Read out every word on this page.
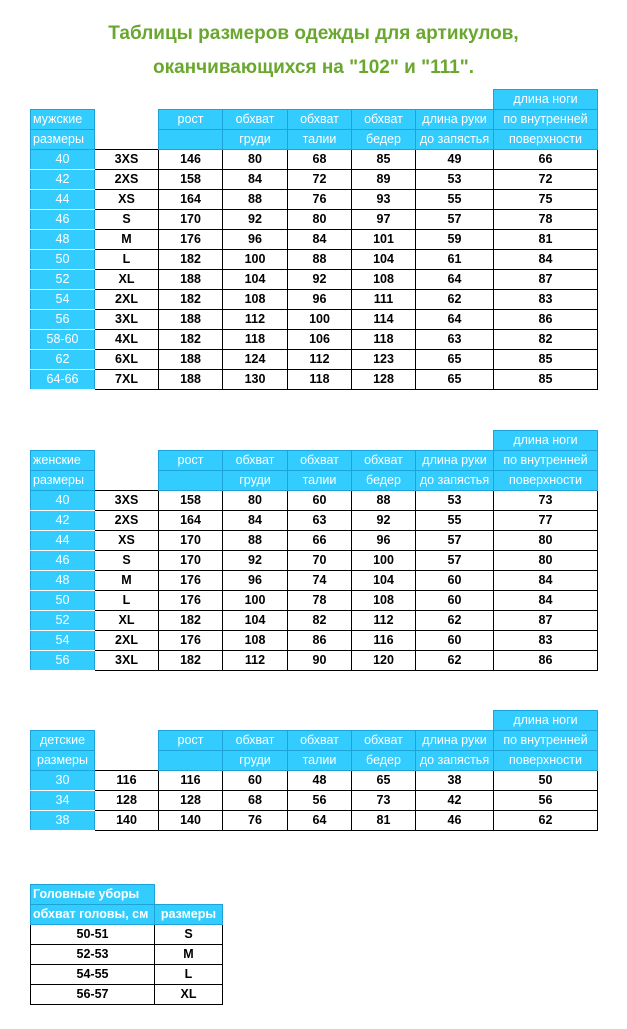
Таблицы размеров одежды для артикулов,
оканчивающихся на "102" и "111".
							длина ноги
мужские		рост	обхват	обхват	обхват	длина руки	по внутренней
размеры			груди	талии	бедер	до запястья	поверхности
40	3XS	146	80	68	85	49	66
42	2XS	158	84	72	89	53	72
44	XS	164	88	76	93	55	75
46	S	170	92	80	97	57	78
48	M	176	96	84	101	59	81
50	L	182	100	88	104	61	84
52	XL	188	104	92	108	64	87
54	2XL	182	108	96	111	62	83
56	3XL	188	112	100	114	64	86
58-60	4XL	182	118	106	118	63	82
62	6XL	188	124	112	123	65	85
64-66	7XL	188	130	118	128	65	85
							длина ноги
женские		рост	обхват	обхват	обхват	длина руки	по внутренней
размеры			груди	талии	бедер	до запястья	поверхности
40	3XS	158	80	60	88	53	73
42	2XS	164	84	63	92	55	77
44	XS	170	88	66	96	57	80
46	S	170	92	70	100	57	80
48	M	176	96	74	104	60	84
50	L	176	100	78	108	60	84
52	XL	182	104	82	112	62	87
54	2XL	176	108	86	116	60	83
56	3XL	182	112	90	120	62	86
							длина ноги
детские		рост	обхват	обхват	обхват	длина руки	по внутренней
размеры			груди	талии	бедер	до запястья	поверхности
30	116	116	60	48	65	38	50
34	128	128	68	56	73	42	56
38	140	140	76	64	81	46	62
Головные уборы	
обхват головы, см	размеры
50-51	S
52-53	M
54-55	L
56-57	XL
